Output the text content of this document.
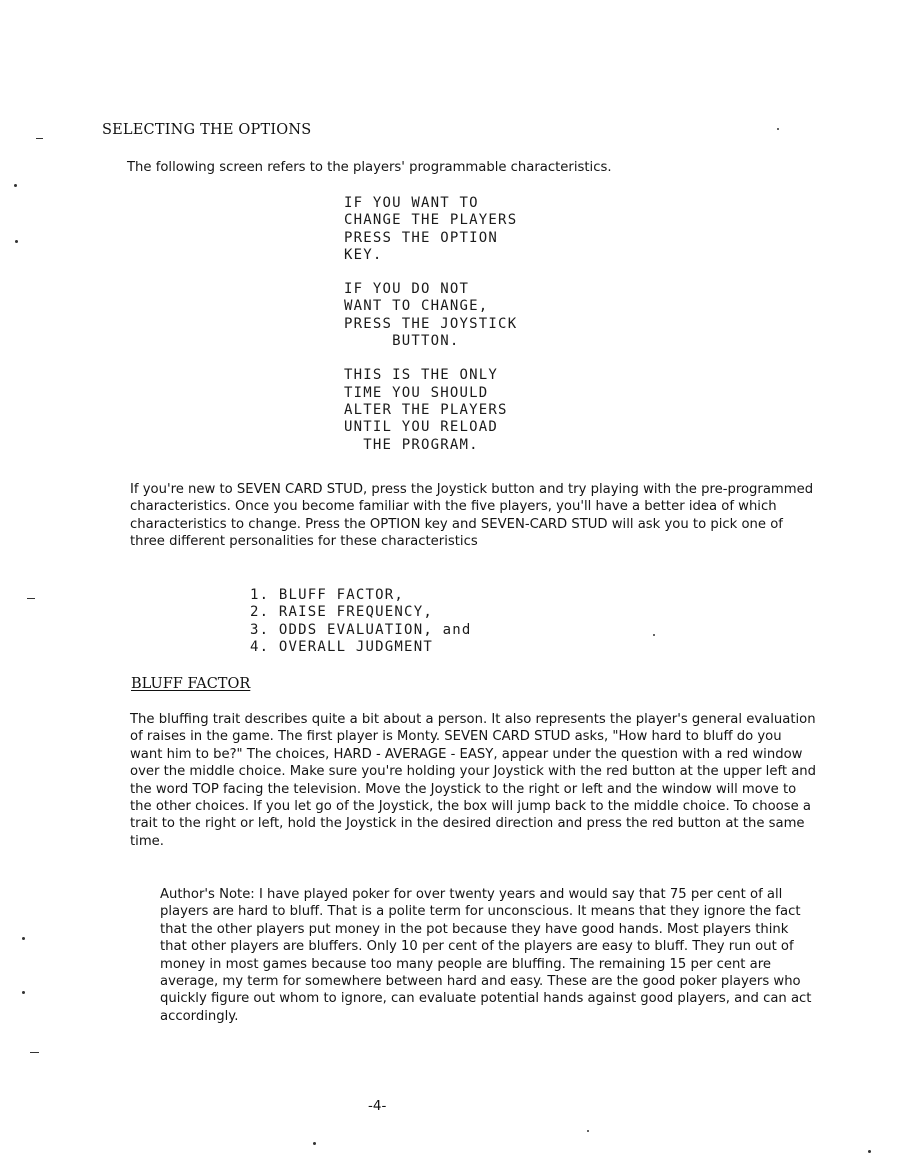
SELECTING THE OPTIONS
The following screen refers to the players' programmable characteristics.
IF YOU WANT TO
CHANGE THE PLAYERS
PRESS THE OPTION
KEY.
IF YOU DO NOT
WANT TO CHANGE,
PRESS THE JOYSTICK
BUTTON.
THIS IS THE ONLY
TIME YOU SHOULD
ALTER THE PLAYERS
UNTIL YOU RELOAD
THE PROGRAM.
If you're new to SEVEN CARD STUD, press the Joystick button and try playing with the pre-programmed characteristics. Once you become familiar with the five players, you'll have a better idea of which characteristics to change. Press the OPTION key and SEVEN-CARD STUD will ask you to pick one of three different personalities for these characteristics
1. BLUFF FACTOR,
2. RAISE FREQUENCY,
3. ODDS EVALUATION, and
4. OVERALL JUDGMENT
BLUFF FACTOR
The bluffing trait describes quite a bit about a person. It also represents the player's general evaluation of raises in the game. The first player is Monty. SEVEN CARD STUD asks, "How hard to bluff do you want him to be?" The choices, HARD - AVERAGE - EASY, appear under the question with a red window over the middle choice. Make sure you're holding your Joystick with the red button at the upper left and the word TOP facing the television. Move the Joystick to the right or left and the window will move to the other choices. If you let go of the Joystick, the box will jump back to the middle choice. To choose a trait to the right or left, hold the Joystick in the desired direction and press the red button at the same time.
Author's Note: I have played poker for over twenty years and would say that 75 per cent of all players are hard to bluff. That is a polite term for unconscious. It means that they ignore the fact that the other players put money in the pot because they have good hands. Most players think that other players are bluffers. Only 10 per cent of the players are easy to bluff. They run out of money in most games because too many people are bluffing. The remaining 15 per cent are average, my term for somewhere between hard and easy. These are the good poker players who quickly figure out whom to ignore, can evaluate potential hands against good players, and can act accordingly.
-4-
